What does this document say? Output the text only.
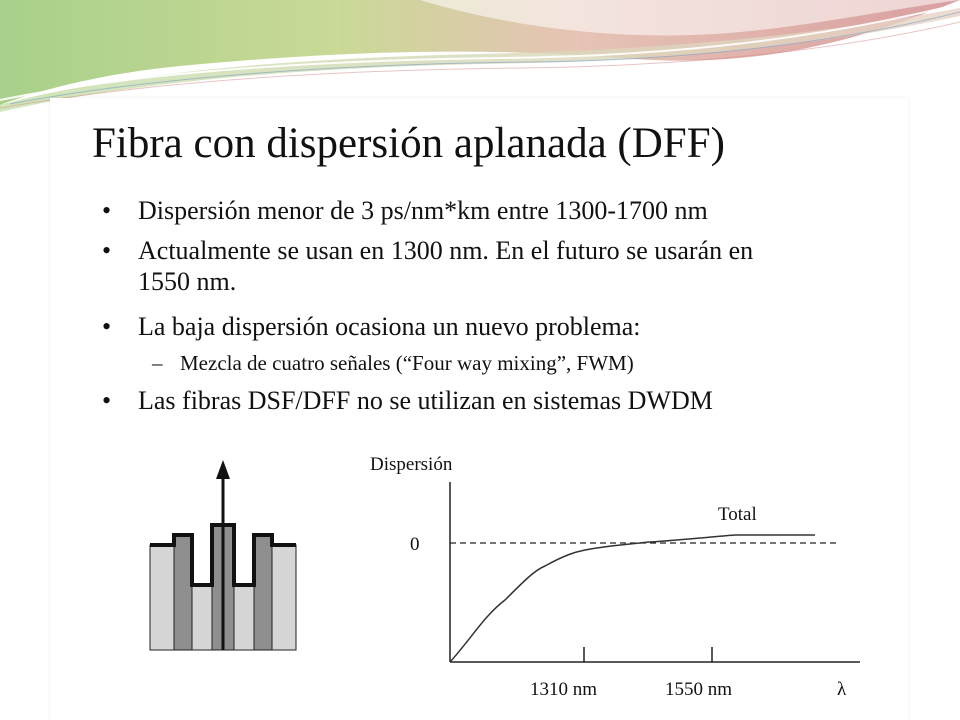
Fibra con dispersión aplanada (DFF)
• Dispersión menor de 3 ps/nm*km entre 1300-1700 nm
• Actualmente se usan en 1300 nm. En el futuro se usarán en
1550 nm.
• La baja dispersión ocasiona un nuevo problema:
– Mezcla de cuatro señales (“Four way mixing”, FWM)
• Las fibras DSF/DFF no se utilizan en sistemas DWDM
Dispersión
0
Total
1310 nm	1550 nm	λ
